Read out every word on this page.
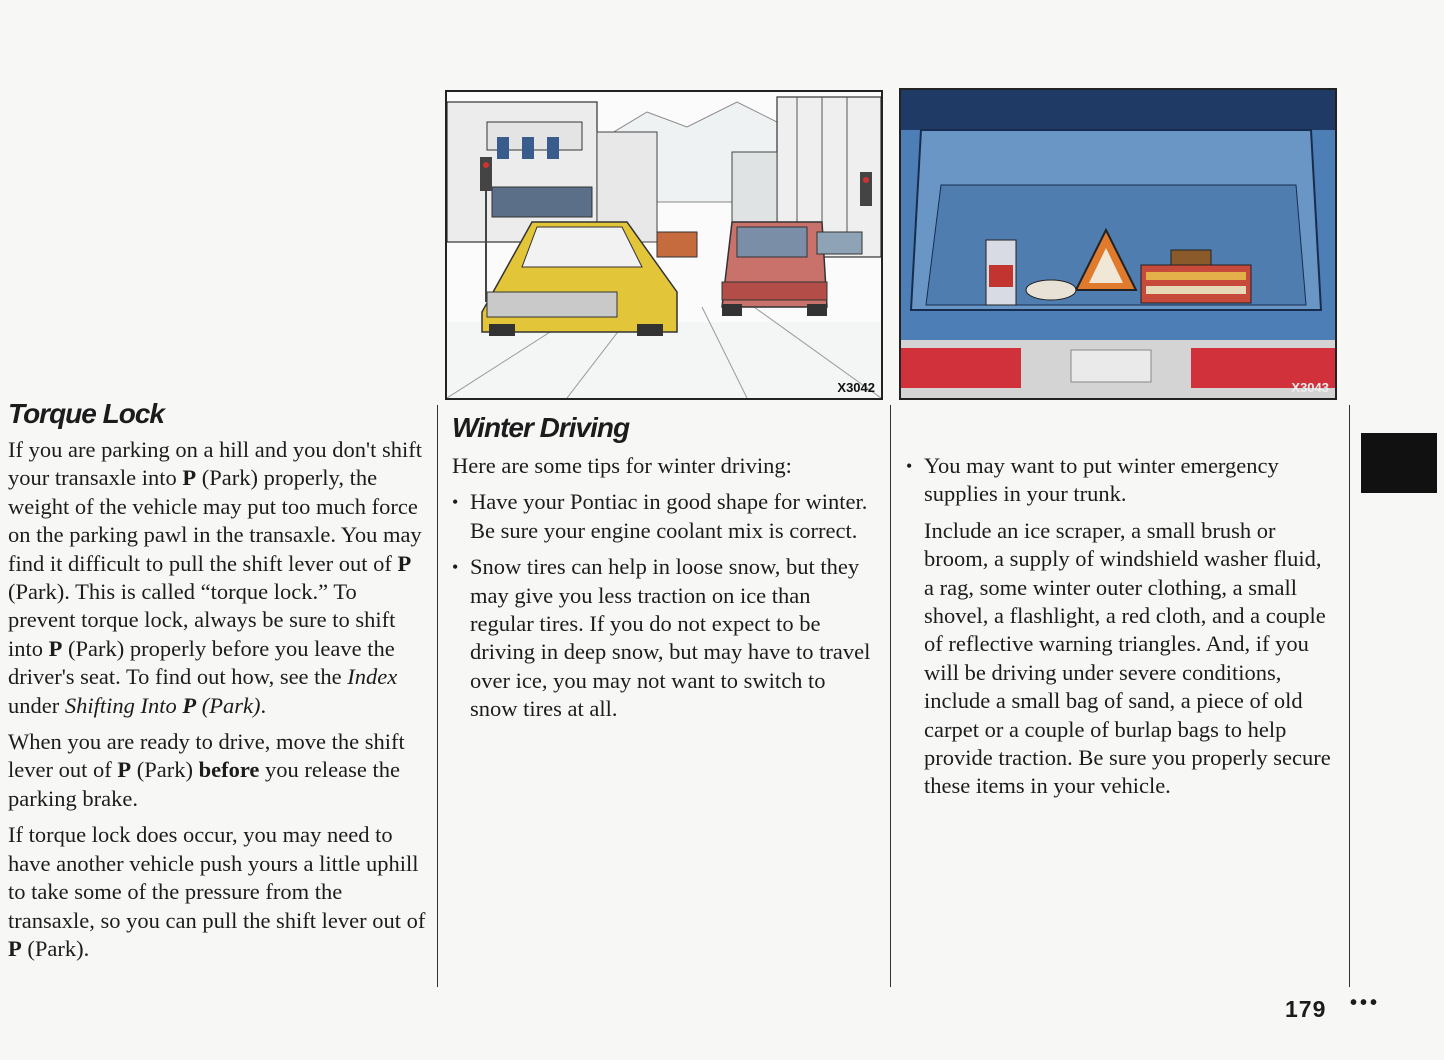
X3042	X3043
Torque Lock

If you are parking on a hill and you don't shift your transaxle into P (Park) properly, the weight of the vehicle may put too much force on the parking pawl in the transaxle. You may find it difficult to pull the shift lever out of P (Park). This is called “torque lock.” To prevent torque lock, always be sure to shift into P (Park) properly before you leave the driver's seat. To find out how, see the Index under Shifting Into P (Park).

When you are ready to drive, move the shift lever out of P (Park) before you release the parking brake.

If torque lock does occur, you may need to have another vehicle push yours a little uphill to take some of the pressure from the transaxle, so you can pull the shift lever out of P (Park).

Winter Driving

Here are some tips for winter driving:

• Have your Pontiac in good shape for winter. Be sure your engine coolant mix is correct.
• Snow tires can help in loose snow, but they may give you less traction on ice than regular tires. If you do not expect to be driving in deep snow, but may have to travel over ice, you may not want to switch to snow tires at all.
• You may want to put winter emergency supplies in your trunk.

Include an ice scraper, a small brush or broom, a supply of windshield washer fluid, a rag, some winter outer clothing, a small shovel, a flashlight, a red cloth, and a couple of reflective warning triangles. And, if you will be driving under severe conditions, include a small bag of sand, a piece of old carpet or a couple of burlap bags to help provide traction. Be sure you properly secure these items in your vehicle.

179 •••
